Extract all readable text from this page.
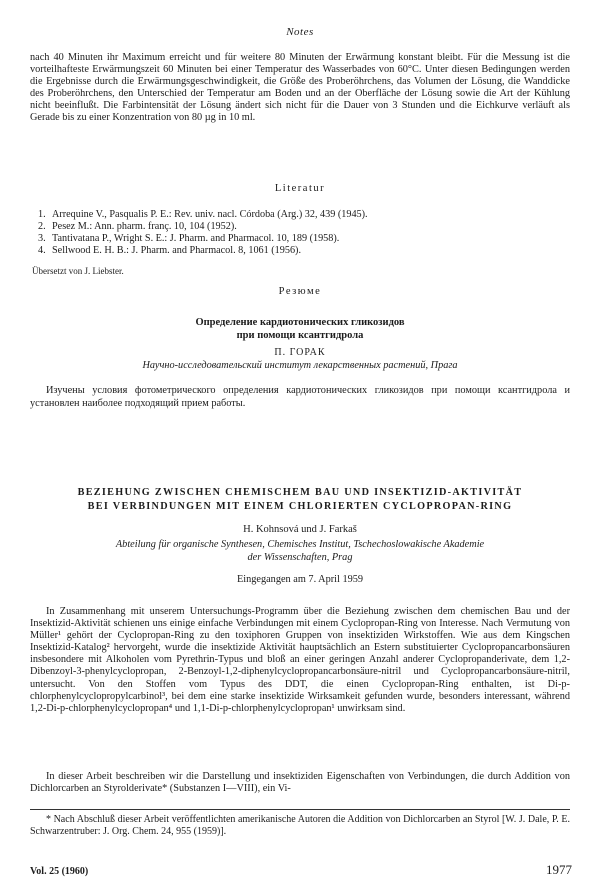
Notes
nach 40 Minuten ihr Maximum erreicht und für weitere 80 Minuten der Erwärmung konstant bleibt. Für die Messung ist die vorteilhafteste Erwärmungszeit 60 Minuten bei einer Temperatur des Wasserbades von 60°C. Unter diesen Bedingungen werden die Ergebnisse durch die Erwärmungsgeschwindigkeit, die Größe des Proberöhrchens, das Volumen der Lösung, die Wanddicke des Proberöhrchens, den Unterschied der Temperatur am Boden und an der Oberfläche der Lösung sowie die Art der Kühlung nicht beeinflußt. Die Farbintensität der Lösung ändert sich nicht für die Dauer von 3 Stunden und die Eichkurve verläuft als Gerade bis zu einer Konzentration von 80 µg in 10 ml.
Literatur
1. Arrequine V., Pasqualis P. E.: Rev. univ. nacl. Córdoba (Arg.) 32, 439 (1945).
2. Pesez M.: Ann. pharm. franç. 10, 104 (1952).
3. Tantivatana P., Wright S. E.: J. Pharm. and Pharmacol. 10, 189 (1958).
4. Sellwood E. H. B.: J. Pharm. and Pharmacol. 8, 1061 (1956).
Übersetzt von J. Liebster.
Резюме
Определение кардиотонических гликозидов
при помощи ксантгидрола
П. ГОРАК
Научно-исследовательский институт лекарственных растений, Прага
Изучены условия фотометрического определения кардиотонических гликозидов при помощи ксантгидрола и установлен наиболее подходящий прием работы.
BEZIEHUNG ZWISCHEN CHEMISCHEM BAU UND INSEKTIZID-AKTIVITÄT
BEI VERBINDUNGEN MIT EINEM CHLORIERTEN CYCLOPROPAN-RING
H. Kohnsová und J. Farkaš
Abteilung für organische Synthesen, Chemisches Institut, Tschechoslowakische Akademie
der Wissenschaften, Prag
Eingegangen am 7. April 1959
In Zusammenhang mit unserem Untersuchungs-Programm über die Beziehung zwischen dem chemischen Bau und der Insektizid-Aktivität schienen uns einige einfache Verbindungen mit einem Cyclopropan-Ring von Interesse. Nach Vermutung von Müller¹ gehört der Cyclopropan-Ring zu den toxiphoren Gruppen von insektiziden Wirkstoffen. Wie aus dem Kingschen Insektizid-Katalog² hervorgeht, wurde die insektizide Aktivität hauptsächlich an Estern substituierter Cyclopropancarbonsäuren insbesondere mit Alkoholen vom Pyrethrin-Typus und bloß an einer geringen Anzahl anderer Cyclopropanderivate, dem 1,2-Dibenzoyl-3-phenylcyclopropan, 2-Benzoyl-1,2-diphenylcyclopropancarbonsäure-nitril und Cyclopropancarbonsäure-nitril, untersucht. Von den Stoffen vom Typus des DDT, die einen Cyclopropan-Ring enthalten, ist Di-p-chlorphenylcyclopropylcarbinol³, bei dem eine starke insektizide Wirksamkeit gefunden wurde, besonders interessant, während 1,2-Di-p-chlorphenylcyclopropan⁴ und 1,1-Di-p-chlorphenylcyclopropan¹ unwirksam sind.
In dieser Arbeit beschreiben wir die Darstellung und insektiziden Eigenschaften von Verbindungen, die durch Addition von Dichlorcarben an Styrolderivate* (Substanzen I—VIII), ein Vi-
* Nach Abschluß dieser Arbeit veröffentlichten amerikanische Autoren die Addition von Dichlorcarben an Styrol [W. J. Dale, P. E. Schwarzentruber: J. Org. Chem. 24, 955 (1959)].
Vol. 25 (1960)	1977
